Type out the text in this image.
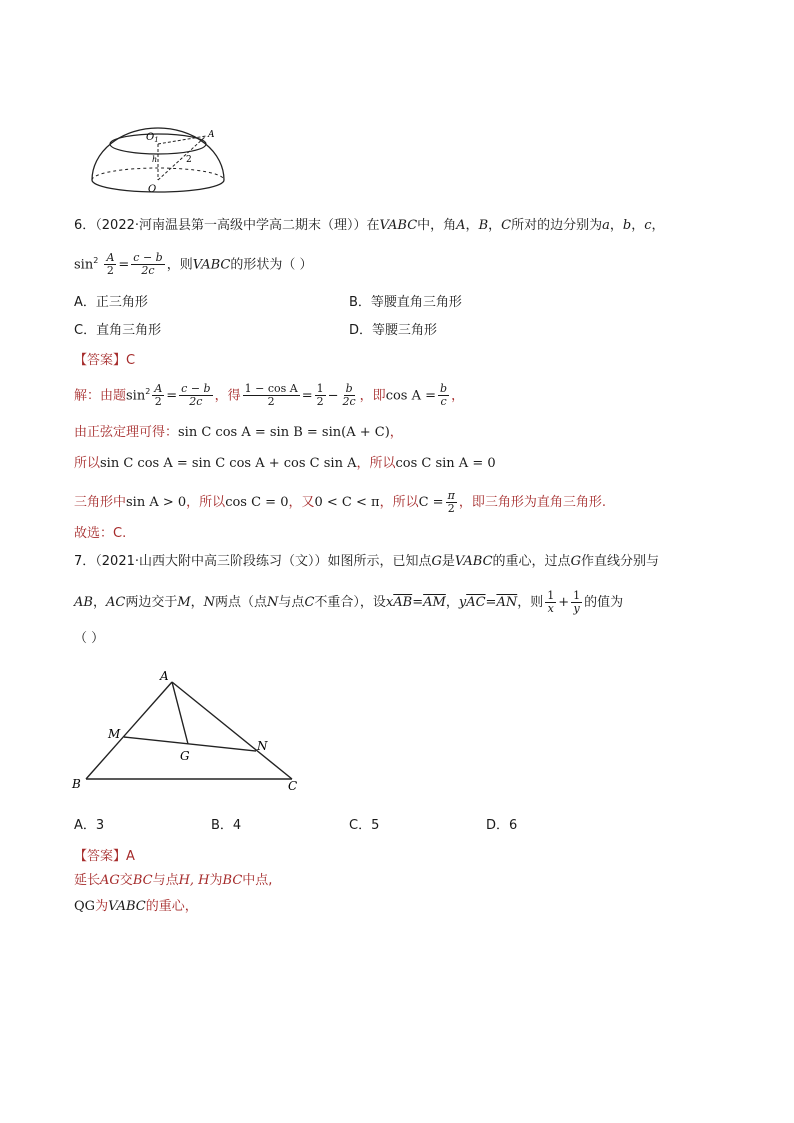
$O_1$	A
h	2
O
6．（2022·河南温县第一高级中学高二期末（理））在VABC中，角A，B，C所对的边分别为a，b，c，
$\sin^2 \frac{A}{2} = \frac{c - b}{2c}$ ，则VABC的形状为（ ）
A．正三角形	B．等腰直角三角形
C．直角三角形	D．等腰三角形
【答案】C
解：由题$\sin^2 \frac{A}{2} = \frac{c - b}{2c}$ ，得 $\frac{\text{1 − cos A}}{2} = \frac{1}{2} - \frac{b}{2c}$ ，即$\cos A = \frac{b}{c}$ ，
由正弦定理可得：sin C cos A = sin B = sin(A + C)，
所以sin C cos A = sin C cos A + cos C sin A，所以cos C sin A = 0
三角形中sin A > 0，所以cos C = 0，又0 < C < π，所以$C = \frac{\pi}{2}$ ，即三角形为直角三角形.
故选：C.
7．（2021·山西大附中高三阶段练习（文））如图所示，已知点G是VABC的重心，过点G作直线分别与
AB，AC两边交于M，N两点（点N与点C不重合），设$x\overline{AB}=\overline{AM}$，$y\overline{AC}=\overline{AN}$，则 $\frac{1}{x} + \frac{1}{y}$ 的值为
（ ）
A
B	C
M
N
G
A．3	B．4	C．5	D．6
【答案】A
延长AG交BC与点H, H为BC中点,
QG为VABC的重心，
